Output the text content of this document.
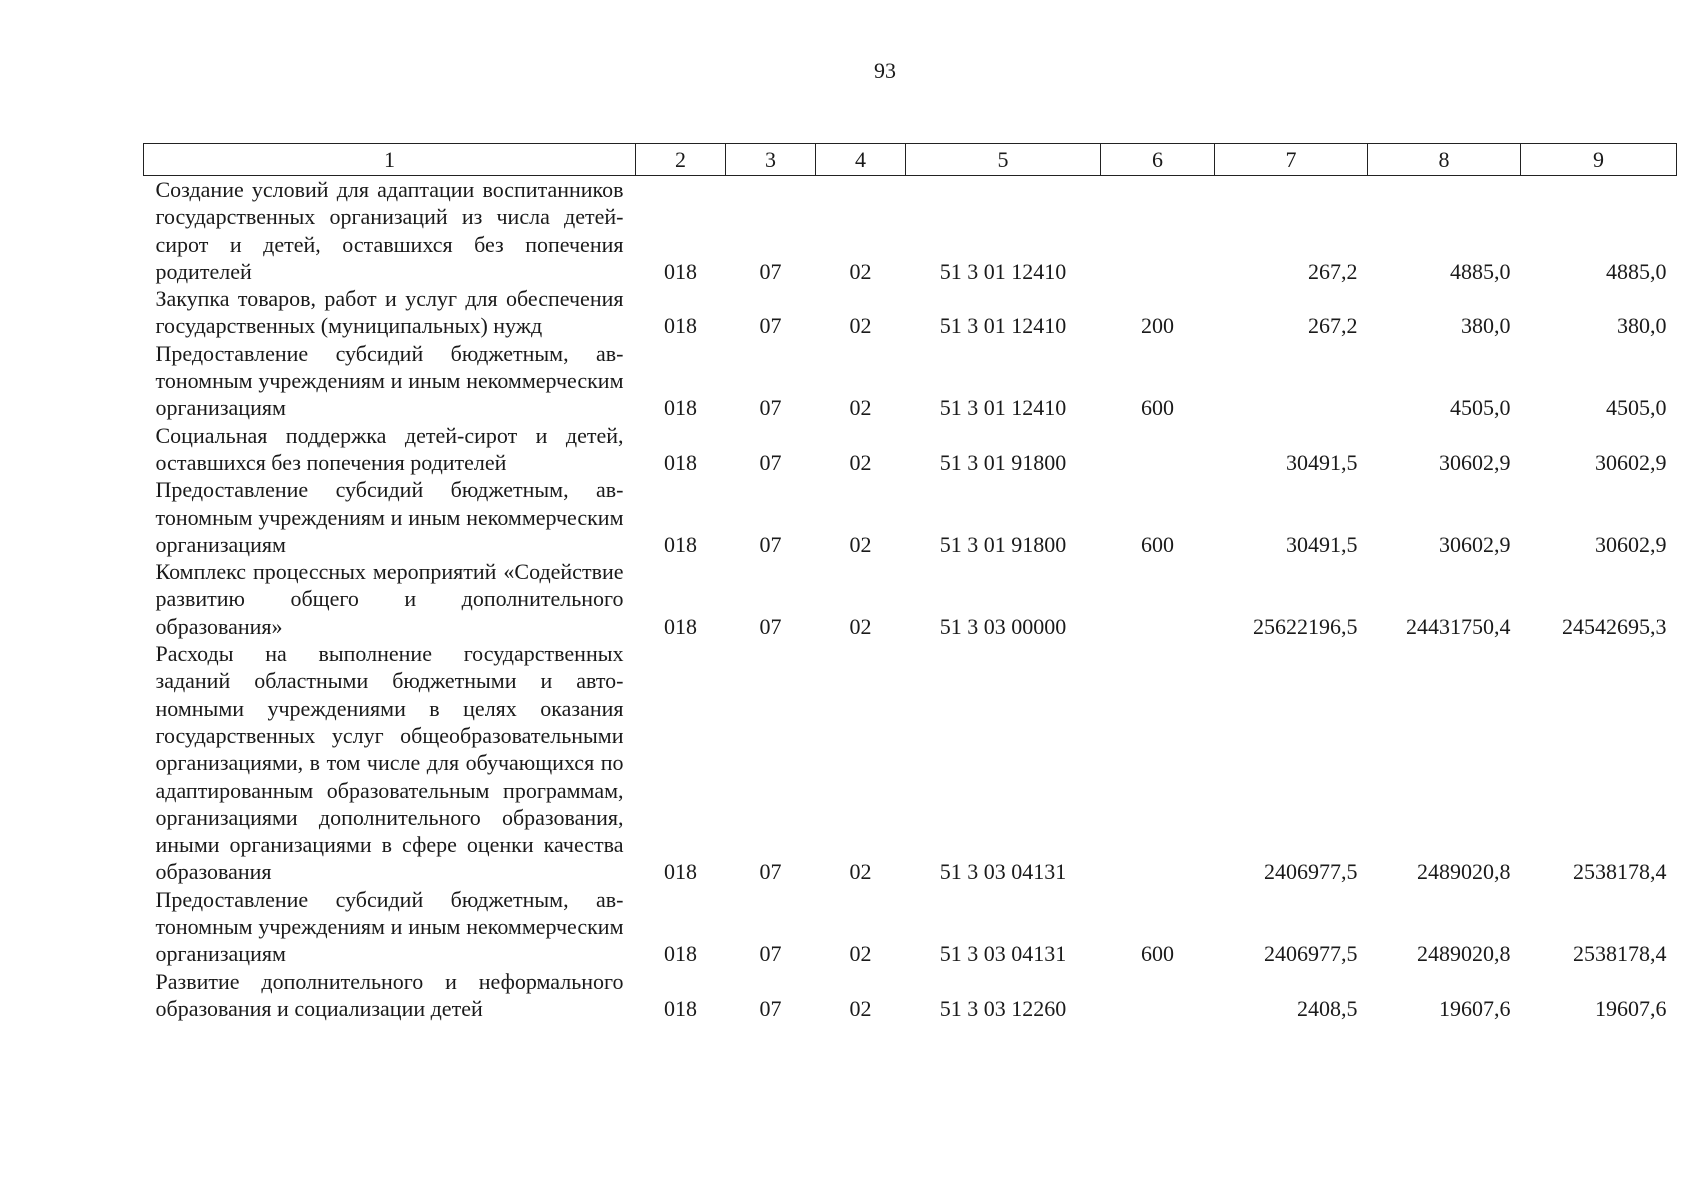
93
1	2	3	4	5	6	7	8	9
Создание условий для адаптации воспитанников государственных организаций из числа детей-сирот и детей, оставшихся без попечения родителей	018	07	02	51 3 01 12410		267,2	4885,0	4885,0
Закупка товаров, работ и услуг для обеспечения государственных (муниципальных) нужд	018	07	02	51 3 01 12410	200	267,2	380,0	380,0
Предоставление субсидий бюджетным, автономным учреждениям и иным некоммерческим организациям	018	07	02	51 3 01 12410	600		4505,0	4505,0
Социальная поддержка детей-сирот и детей, оставшихся без попечения родителей	018	07	02	51 3 01 91800		30491,5	30602,9	30602,9
Предоставление субсидий бюджетным, автономным учреждениям и иным некоммерческим организациям	018	07	02	51 3 01 91800	600	30491,5	30602,9	30602,9
Комплекс процессных мероприятий «Содействие развитию общего и дополнительного образования»	018	07	02	51 3 03 00000		25622196,5	24431750,4	24542695,3
Расходы на выполнение государственных заданий областными бюджетными и автономными учреждениями в целях оказания государственных услуг общеобразовательными организациями, в том числе для обучающихся по адаптированным образовательным программам, организациями дополнительного образования, иными организациями в сфере оценки качества образования	018	07	02	51 3 03 04131		2406977,5	2489020,8	2538178,4
Предоставление субсидий бюджетным, автономным учреждениям и иным некоммерческим организациям	018	07	02	51 3 03 04131	600	2406977,5	2489020,8	2538178,4
Развитие дополнительного и неформального образования и социализации детей	018	07	02	51 3 03 12260		2408,5	19607,6	19607,6
